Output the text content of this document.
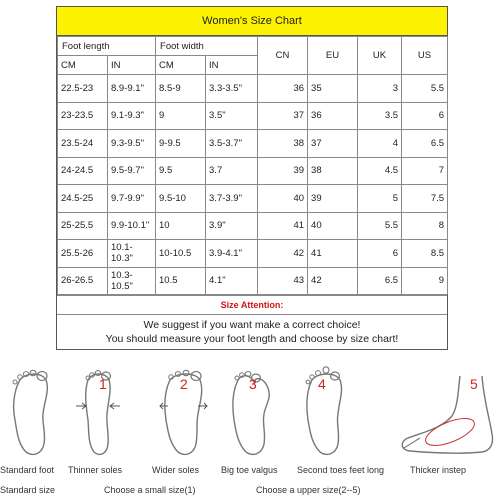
Women's Size Chart
Foot length		Foot width		CN	EU	UK	US
CM	IN	CM	IN				
22.5-23	8.9-9.1"	8.5-9	3.3-3.5"	36	35	3	5.5
23-23.5	9.1-9.3"	9	3.5"	37	36	3.5	6
23.5-24	9.3-9.5"	9-9.5	3.5-3.7"	38	37	4	6.5
24-24.5	9.5-9.7"	9.5	3.7	39	38	4.5	7
24.5-25	9.7-9.9"	9.5-10	3.7-3.9"	40	39	5	7.5
25-25.5	9.9-10.1"	10	3.9"	41	40	5.5	8
25.5-26	10.1-10.3"	10-10.5	3.9-4.1"	42	41	6	8.5
26-26.5	10.3-10.5"	10.5	4.1"	43	42	6.5	9
Size Attention:
We suggest if you want make a correct choice!
You should measure your foot length and choose by size chart!
1	2	3	4	5
Standard foot Thinner soles	Wider soles Big toe valgus Second toes feet long	Thicker instep
Standard size	Choose a small size(1)	Choose a upper size(2--5)
